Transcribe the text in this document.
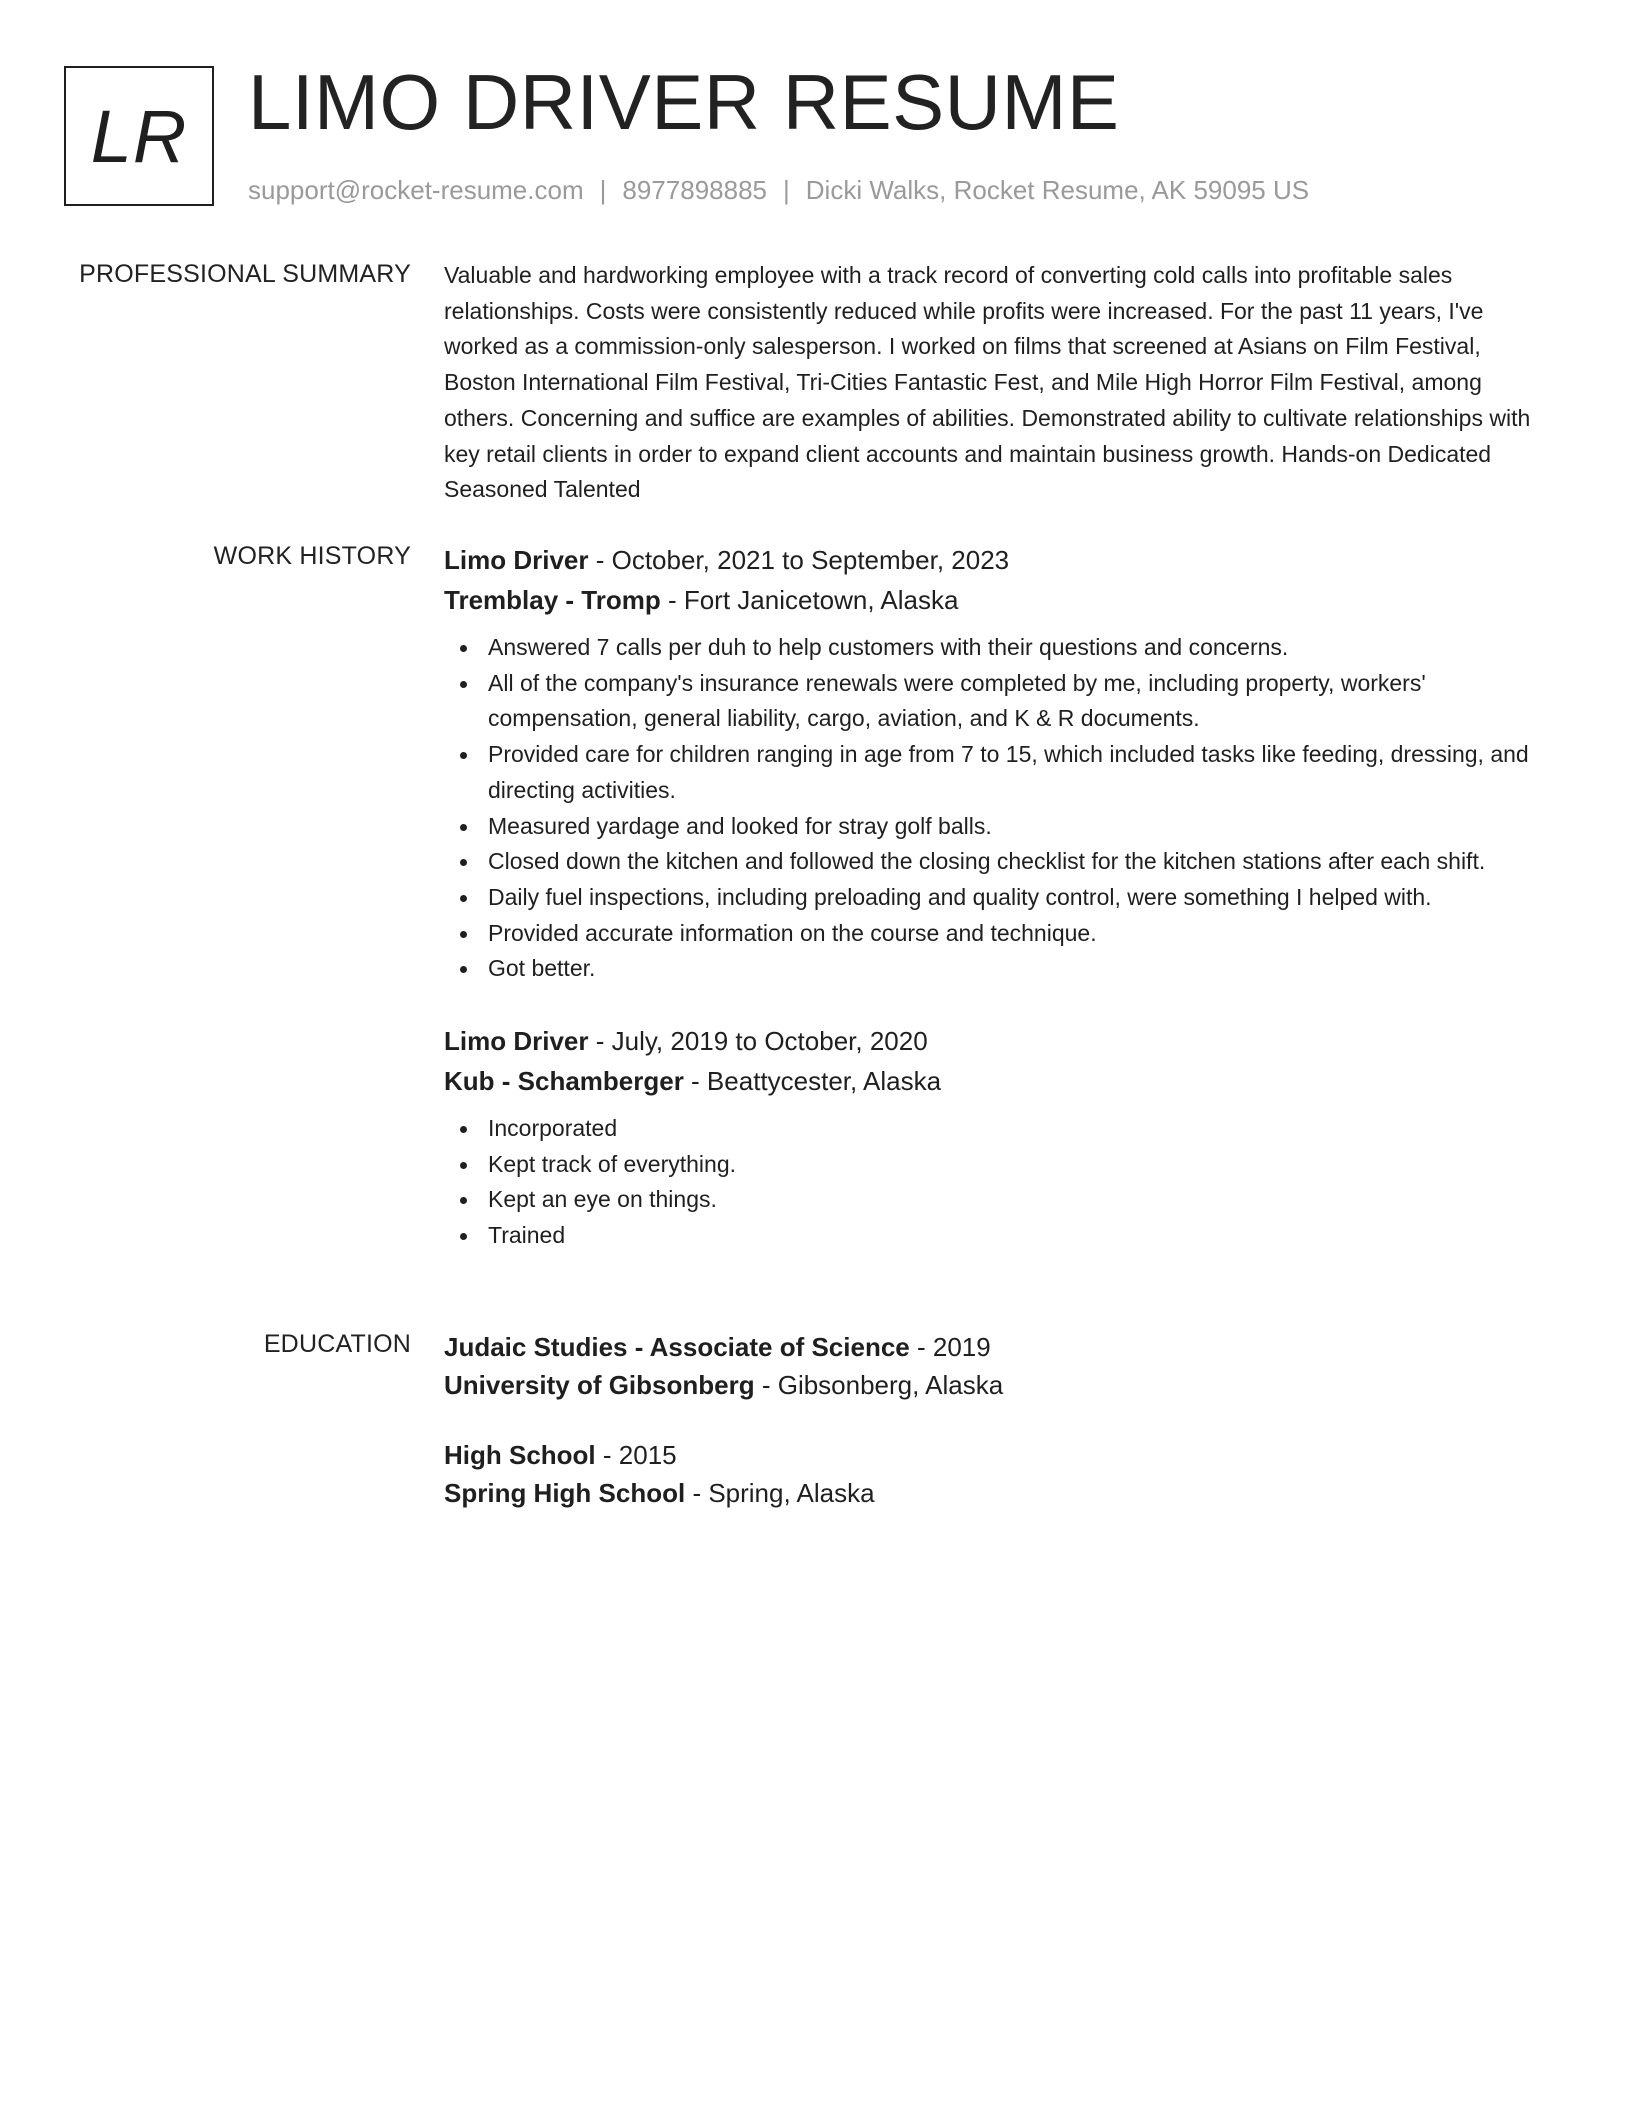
LR LIMO DRIVER RESUME
support@rocket-resume.com | 8977898885 | Dicki Walks, Rocket Resume, AK 59095 US
PROFESSIONAL SUMMARY Valuable and hardworking employee with a track record of converting cold calls into profitable sales relationships. Costs were consistently reduced while profits were increased. For the past 11 years, I've worked as a commission-only salesperson. I worked on films that screened at Asians on Film Festival, Boston International Film Festival, Tri-Cities Fantastic Fest, and Mile High Horror Film Festival, among others. Concerning and suffice are examples of abilities. Demonstrated ability to cultivate relationships with key retail clients in order to expand client accounts and maintain business growth. Hands-on Dedicated Seasoned Talented

WORK HISTORY Limo Driver - October, 2021 to September, 2023
Tremblay - Tromp - Fort Janicetown, Alaska
Answered 7 calls per duh to help customers with their questions and concerns.
All of the company's insurance renewals were completed by me, including property, workers' compensation, general liability, cargo, aviation, and K & R documents.
Provided care for children ranging in age from 7 to 15, which included tasks like feeding, dressing, and directing activities.
Measured yardage and looked for stray golf balls.
Closed down the kitchen and followed the closing checklist for the kitchen stations after each shift.
Daily fuel inspections, including preloading and quality control, were something I helped with.
Provided accurate information on the course and technique.
Got better.
Limo Driver - July, 2019 to October, 2020
Kub - Schamberger - Beattycester, Alaska
Incorporated
Kept track of everything.
Kept an eye on things.
Trained
EDUCATION Judaic Studies - Associate of Science - 2019
University of Gibsonberg - Gibsonberg, Alaska
High School - 2015
Spring High School - Spring, Alaska
